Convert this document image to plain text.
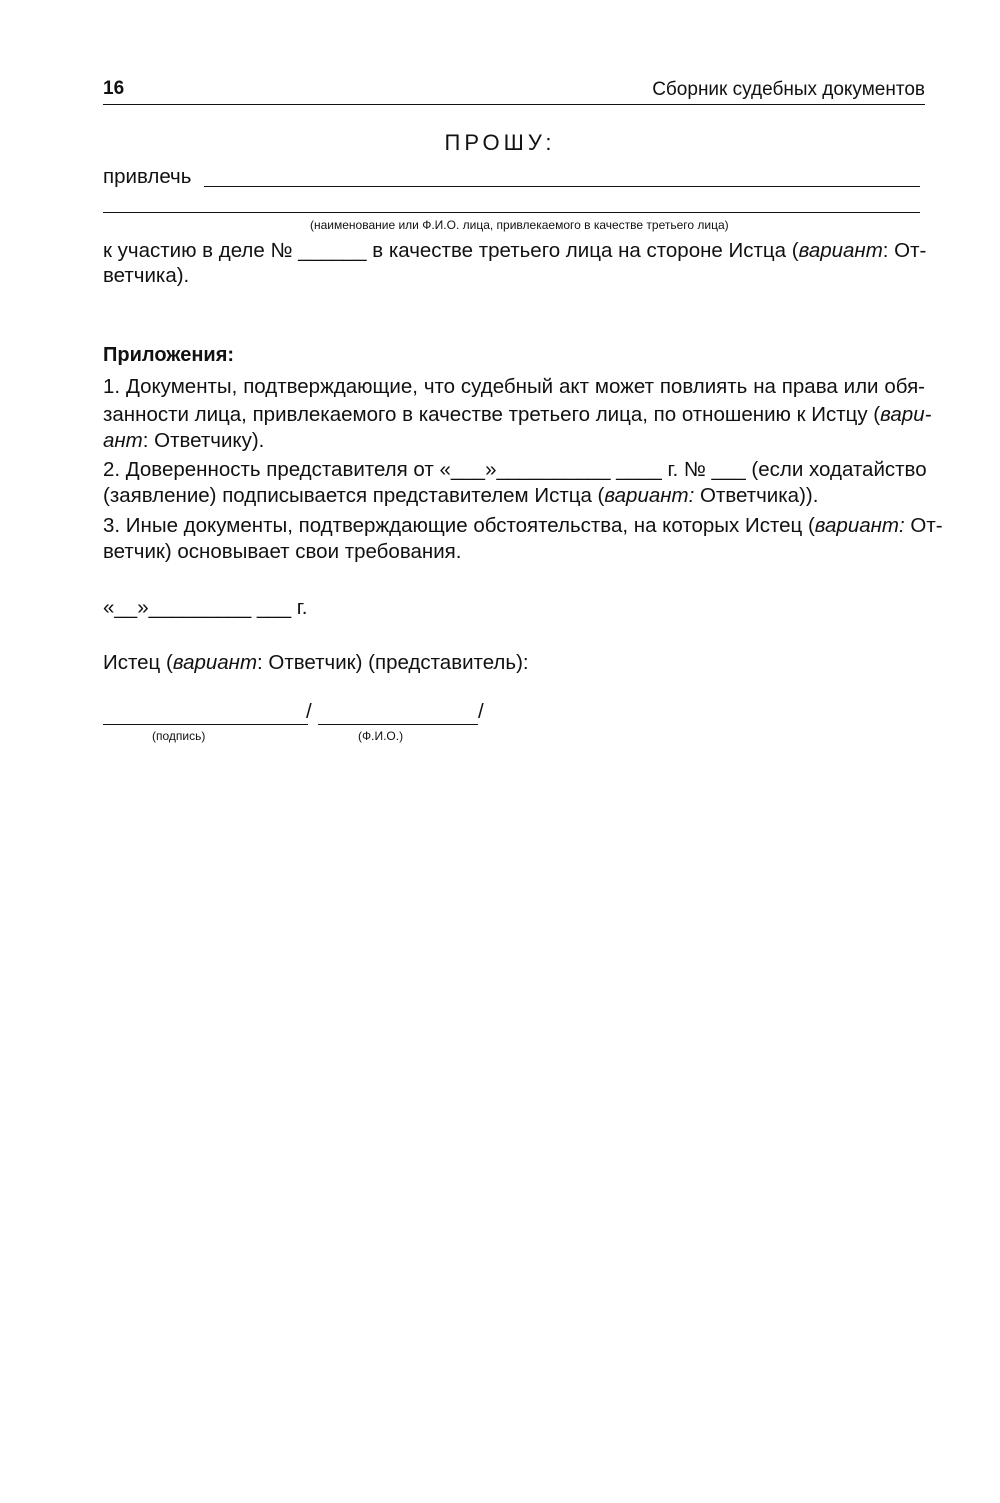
16	Сборник судебных документов
ПРОШУ:
привлечь
(наименование или Ф.И.О. лица, привлекаемого в качестве третьего лица)
к участию в деле № ______ в качестве третьего лица на стороне Истца (вариант: От-
ветчика).
Приложения:
1. Документы, подтверждающие, что судебный акт может повлиять на права или обя-
занности лица, привлекаемого в качестве третьего лица, по отношению к Истцу (вари-
ант: Ответчику).
2. Доверенность представителя от «___»__________ ____ г. № ___ (если ходатайство
(заявление) подписывается представителем Истца (вариант: Ответчика)).
3. Иные документы, подтверждающие обстоятельства, на которых Истец (вариант: От-
ветчик) основывает свои требования.
«__»_________ ___ г.
Истец (вариант: Ответчик) (представитель):
/	/
(подпись)	(Ф.И.О.)
